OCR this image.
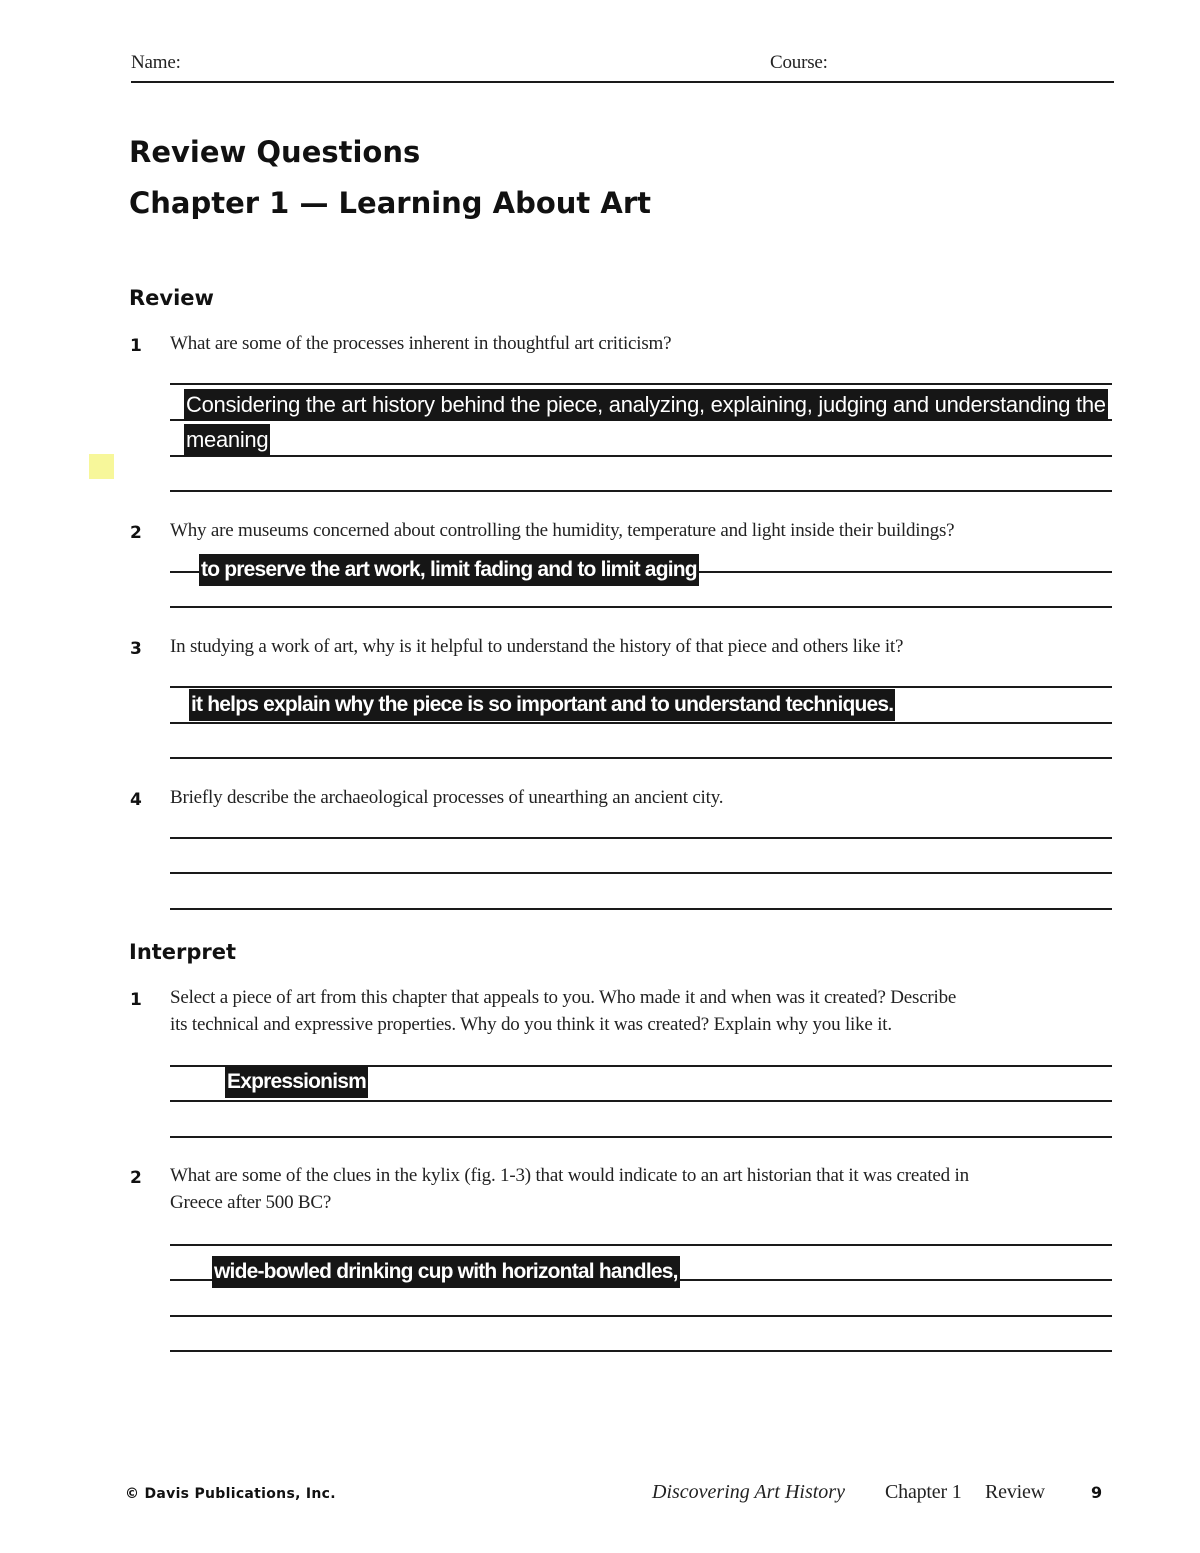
Name:	Course:
Review Questions
Chapter 1 — Learning About Art
Review
1 What are some of the processes inherent in thoughtful art criticism?
Considering the art history behind the piece, analyzing, explaining, judging and understanding the
meaning
2 Why are museums concerned about controlling the humidity, temperature and light inside their buildings?
to preserve the art work, limit fading and to limit aging
3 In studying a work of art, why is it helpful to understand the history of that piece and others like it?
it helps explain why the piece is so important and to understand techniques.
4 Briefly describe the archaeological processes of unearthing an ancient city.
Interpret
1 Select a piece of art from this chapter that appeals to you. Who made it and when was it created? Describe
its technical and expressive properties. Why do you think it was created? Explain why you like it.
Expressionism
2 What are some of the clues in the kylix (fig. 1-3) that would indicate to an art historian that it was created in
Greece after 500 BC?
wide-bowled drinking cup with horizontal handles,
© Davis Publications, Inc.	Discovering Art History Chapter 1 Review	9
